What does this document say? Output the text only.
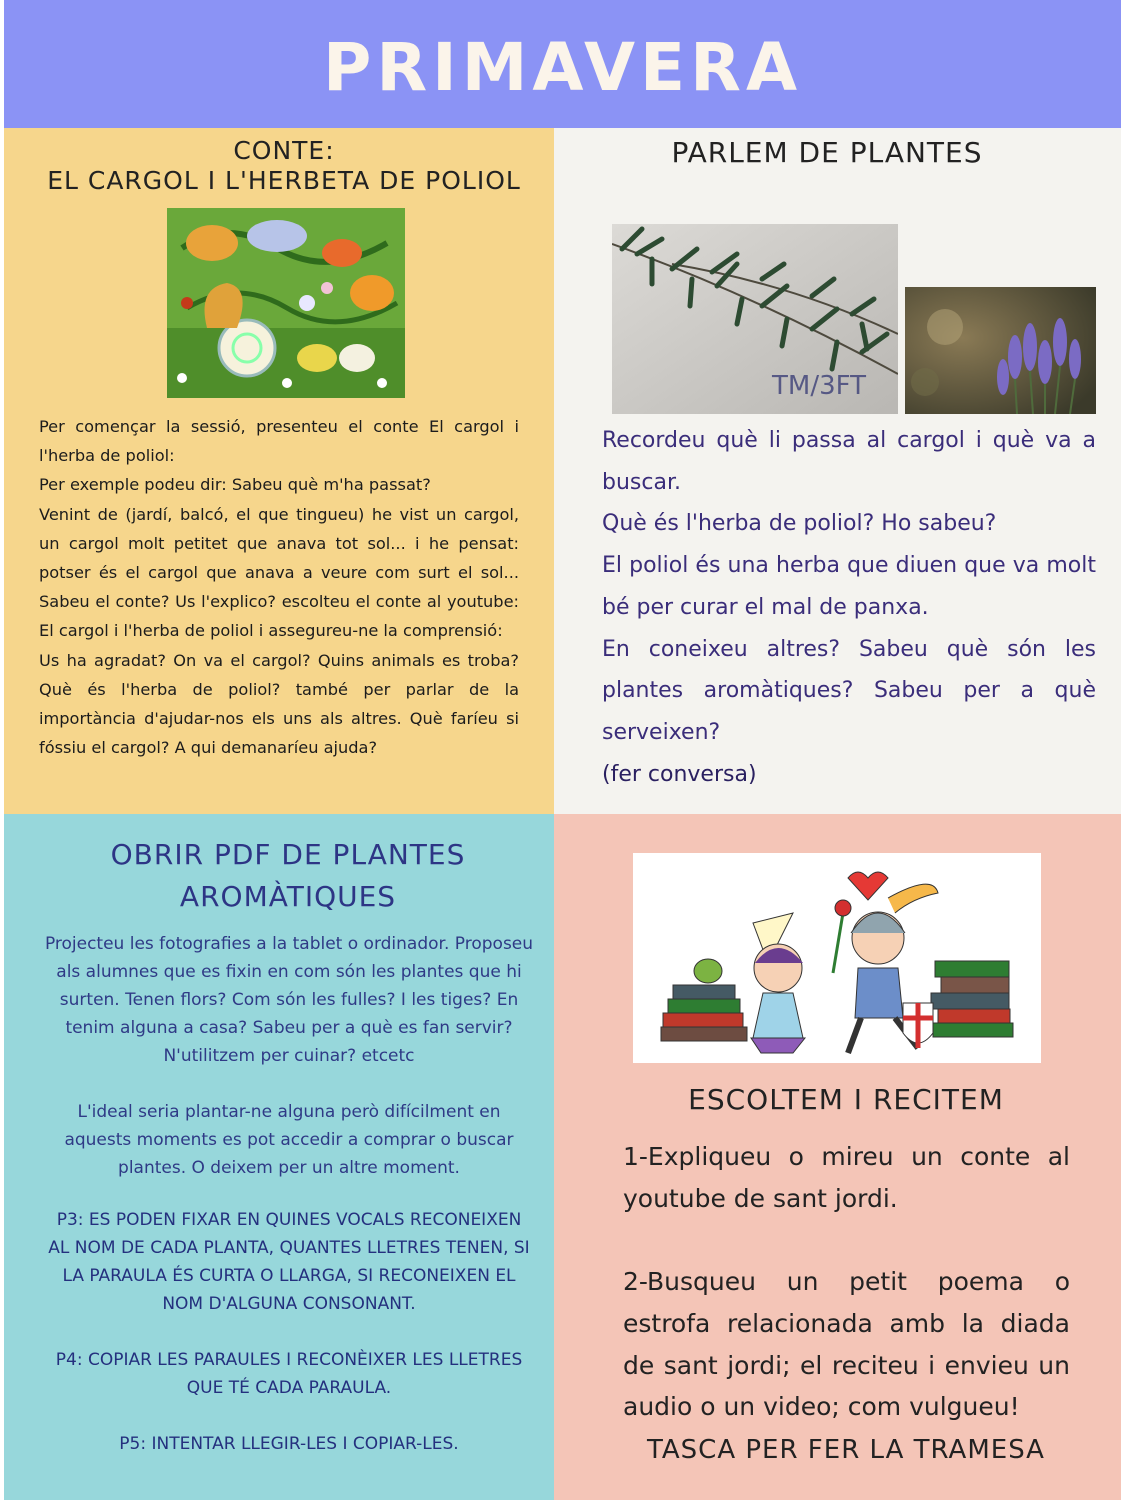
PRIMAVERA
CONTE:
EL CARGOL I L'HERBETA DE POLIOL

Per començar la sessió, presenteu el conte El cargol i l'herba de poliol:

Per exemple podeu dir: Sabeu què m'ha passat?

Venint de (jardí, balcó, el que tingueu) he vist un cargol, un cargol molt petitet que anava tot sol... i he pensat: potser és el cargol que anava a veure com surt el sol... Sabeu el conte? Us l'explico? escolteu el conte al youtube: El cargol i l'herba de poliol i assegureu-ne la comprensió:

Us ha agradat? On va el cargol? Quins animals es troba? Què és l'herba de poliol? també per parlar de la importància d'ajudar-nos els uns als altres. Què faríeu si fóssiu el cargol? A qui demanaríeu ajuda?

PARLEM DE PLANTES
TM/3FT

Recordeu què li passa al cargol i què va a buscar.

Què és l'herba de poliol? Ho sabeu?

El poliol és una herba que diuen que va molt bé per curar el mal de panxa.

En coneixeu altres? Sabeu què són les plantes aromàtiques? Sabeu per a què serveixen?

(fer conversa)

OBRIR PDF DE PLANTES
AROMÀTIQUES

Projecteu les fotografies a la tablet o ordinador. Proposeu als alumnes que es fixin en com són les plantes que hi surten. Tenen flors? Com són les fulles? I les tiges? En tenim alguna a casa? Sabeu per a què es fan servir? N'utilitzem per cuinar? etcetc

L'ideal seria plantar-ne alguna però difícilment en aquests moments es pot accedir a comprar o buscar plantes. O deixem per un altre moment.

P3: ES PODEN FIXAR EN QUINES VOCALS RECONEIXEN AL NOM DE CADA PLANTA, QUANTES LLETRES TENEN, SI LA PARAULA ÉS CURTA O LLARGA, SI RECONEIXEN EL NOM D'ALGUNA CONSONANT.

P4: COPIAR LES PARAULES I RECONÈIXER LES LLETRES QUE TÉ CADA PARAULA.

P5: INTENTAR LLEGIR-LES I COPIAR-LES.

ESCOLTEM I RECITEM

1-Expliqueu o mireu un conte al youtube de sant jordi.

2-Busqueu un petit poema o estrofa relacionada amb la diada de sant jordi; el reciteu i envieu un audio o un video; com vulgueu!

TASCA PER FER LA TRAMESA
